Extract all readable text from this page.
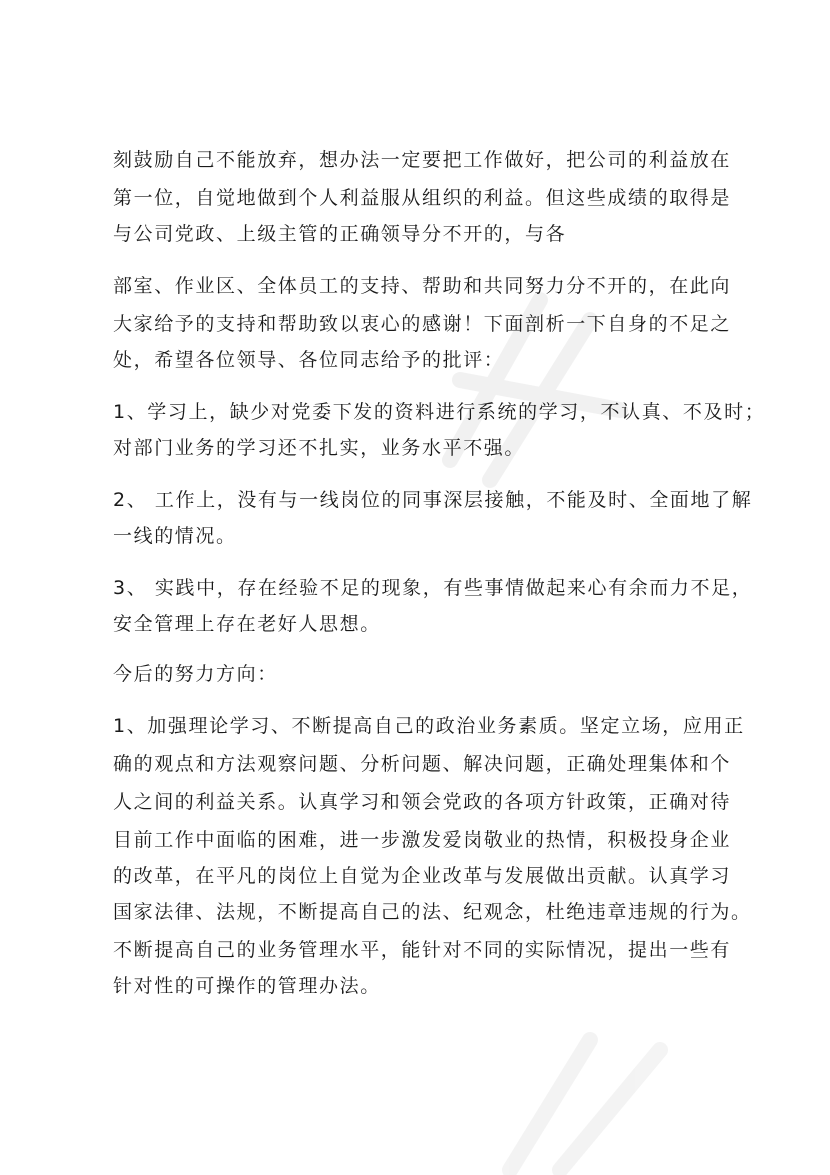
刻鼓励自己不能放弃，想办法一定要把工作做好，把公司的利益放在
第一位，自觉地做到个人利益服从组织的利益。但这些成绩的取得是
与公司党政、上级主管的正确领导分不开的，与各
部室、作业区、全体员工的支持、帮助和共同努力分不开的，在此向
大家给予的支持和帮助致以衷心的感谢！下面剖析一下自身的不足之
处，希望各位领导、各位同志给予的批评：
1、学习上，缺少对党委下发的资料进行系统的学习，不认真、不及时；
对部门业务的学习还不扎实，业务水平不强。
2、 工作上，没有与一线岗位的同事深层接触，不能及时、全面地了解
一线的情况。
3、 实践中，存在经验不足的现象，有些事情做起来心有余而力不足，
安全管理上存在老好人思想。
今后的努力方向：
1、加强理论学习、不断提高自己的政治业务素质。坚定立场，应用正
确的观点和方法观察问题、分析问题、解决问题，正确处理集体和个
人之间的利益关系。认真学习和领会党政的各项方针政策，正确对待
目前工作中面临的困难，进一步激发爱岗敬业的热情，积极投身企业
的改革，在平凡的岗位上自觉为企业改革与发展做出贡献。认真学习
国家法律、法规，不断提高自己的法、纪观念，杜绝违章违规的行为。
不断提高自己的业务管理水平，能针对不同的实际情况，提出一些有
针对性的可操作的管理办法。
